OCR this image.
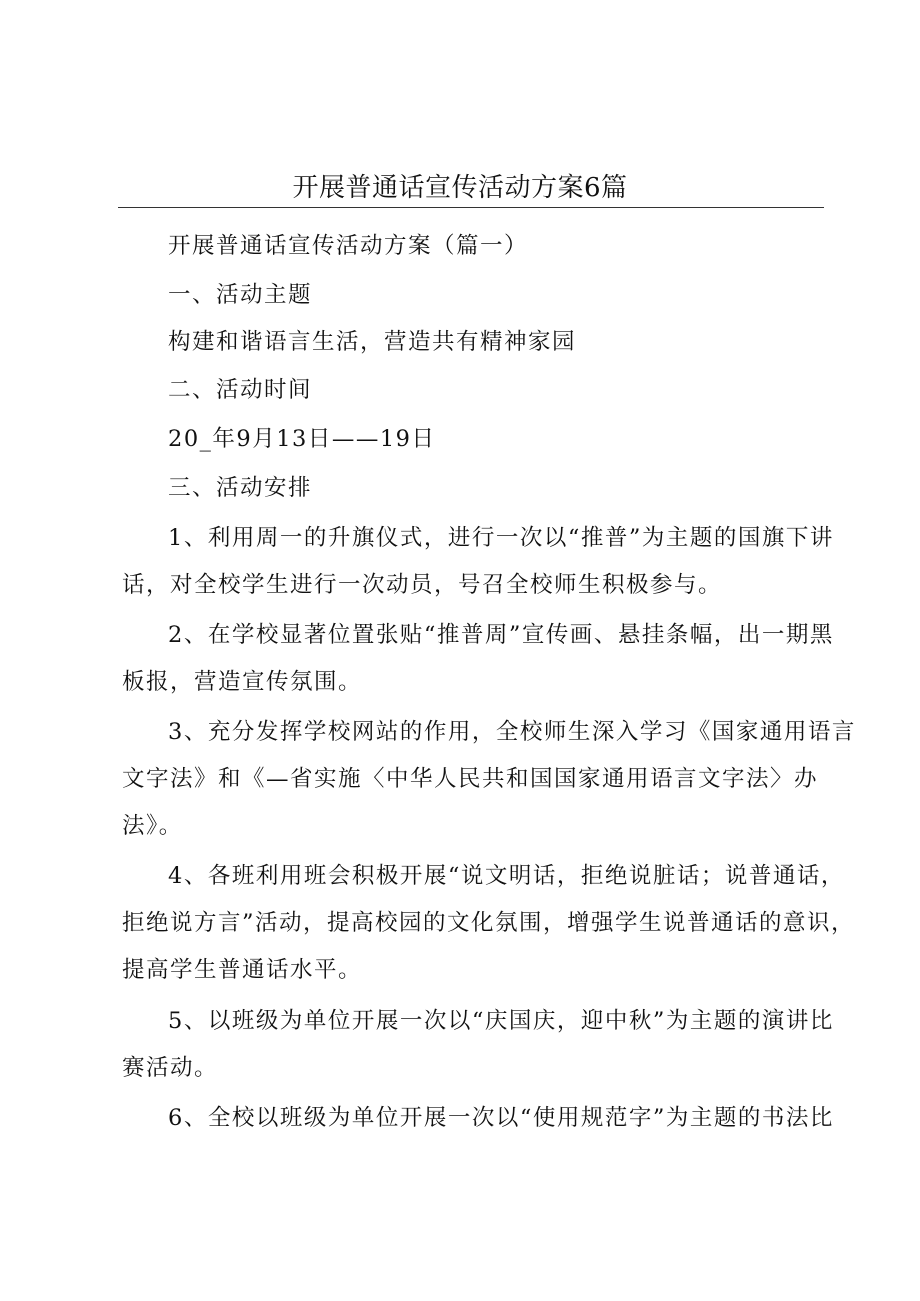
开展普通话宣传活动方案6篇
开展普通话宣传活动方案（篇一）
一、活动主题
构建和谐语言生活，营造共有精神家园
二、活动时间
20_年9月13日——19日
三、活动安排
1、利用周一的升旗仪式，进行一次以“推普”为主题的国旗下讲
话，对全校学生进行一次动员，号召全校师生积极参与。
2、在学校显著位置张贴“推普周”宣传画、悬挂条幅，出一期黑
板报，营造宣传氛围。
3、充分发挥学校网站的作用，全校师生深入学习《国家通用语言
文字法》和《—省实施〈中华人民共和国国家通用语言文字法〉办
法》。
4、各班利用班会积极开展“说文明话，拒绝说脏话；说普通话，
拒绝说方言”活动，提高校园的文化氛围，增强学生说普通话的意识，
提高学生普通话水平。
5、以班级为单位开展一次以“庆国庆，迎中秋”为主题的演讲比
赛活动。
6、全校以班级为单位开展一次以“使用规范字”为主题的书法比
